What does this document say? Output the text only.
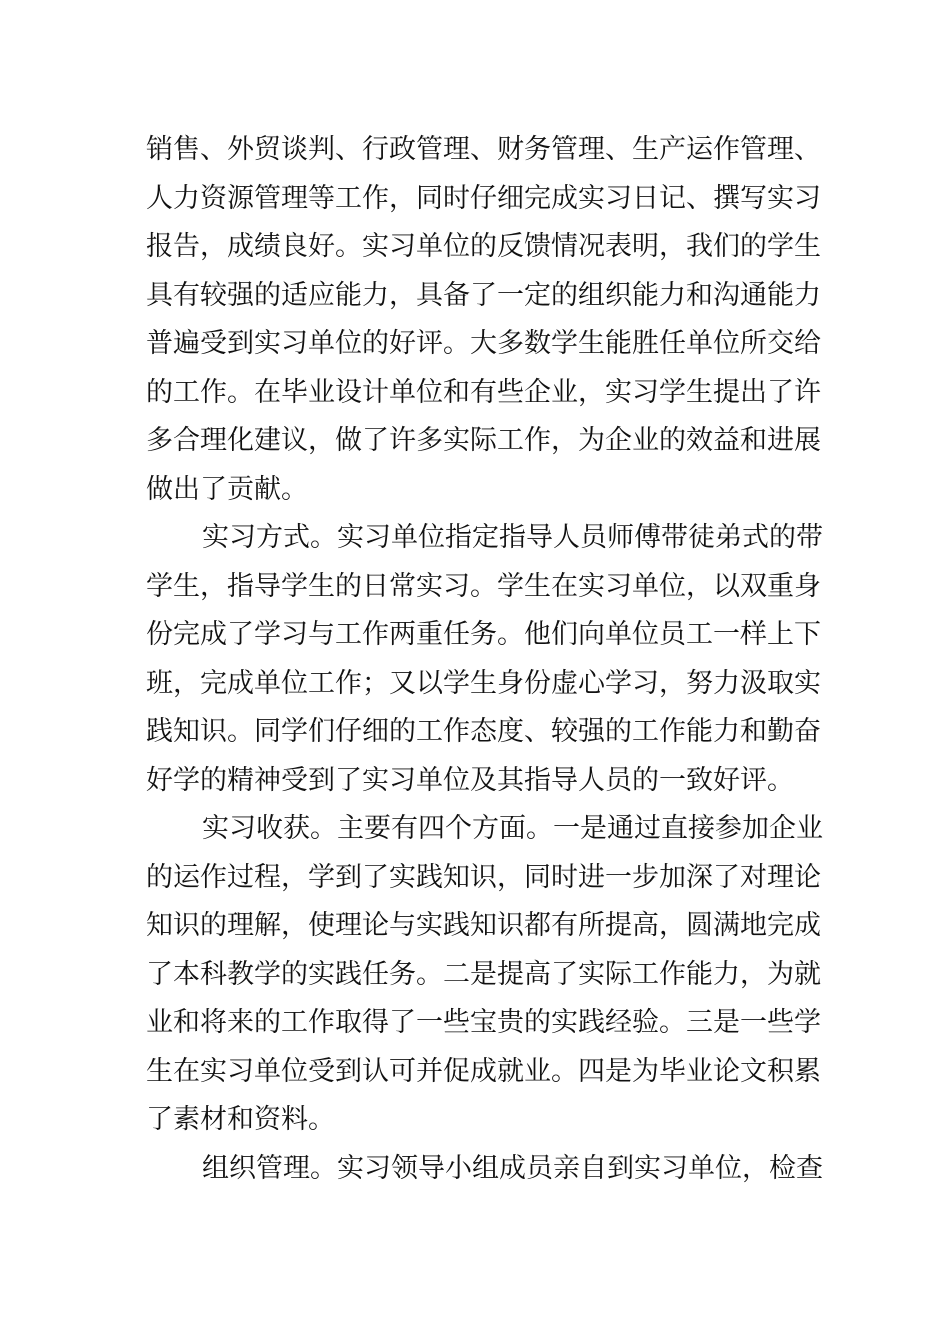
销售、外贸谈判、行政管理、财务管理、生产运作管理、
人力资源管理等工作，同时仔细完成实习日记、撰写实习
报告，成绩良好。实习单位的反馈情况表明，我们的学生
具有较强的适应能力，具备了一定的组织能力和沟通能力
普遍受到实习单位的好评。大多数学生能胜任单位所交给
的工作。在毕业设计单位和有些企业，实习学生提出了许
多合理化建议，做了许多实际工作，为企业的效益和进展
做出了贡献。
实习方式。实习单位指定指导人员师傅带徒弟式的带
学生，指导学生的日常实习。学生在实习单位，以双重身
份完成了学习与工作两重任务。他们向单位员工一样上下
班，完成单位工作；又以学生身份虚心学习，努力汲取实
践知识。同学们仔细的工作态度、较强的工作能力和勤奋
好学的精神受到了实习单位及其指导人员的一致好评。
实习收获。主要有四个方面。一是通过直接参加企业
的运作过程，学到了实践知识，同时进一步加深了对理论
知识的理解，使理论与实践知识都有所提高，圆满地完成
了本科教学的实践任务。二是提高了实际工作能力，为就
业和将来的工作取得了一些宝贵的实践经验。三是一些学
生在实习单位受到认可并促成就业。四是为毕业论文积累
了素材和资料。
组织管理。实习领导小组成员亲自到实习单位，检查
